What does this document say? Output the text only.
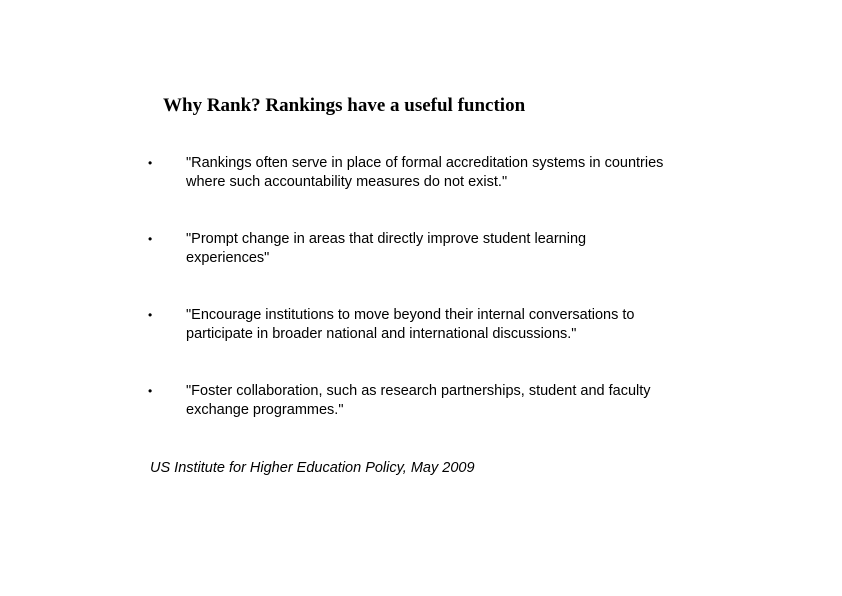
Why Rank? Rankings have a useful function
• "Rankings often serve in place of formal accreditation systems in countries
where such accountability measures do not exist."
• "Prompt change in areas that directly improve student learning
experiences"
• "Encourage institutions to move beyond their internal conversations to
participate in broader national and international discussions."
• "Foster collaboration, such as research partnerships, student and faculty
exchange programmes."
US Institute for Higher Education Policy, May 2009
